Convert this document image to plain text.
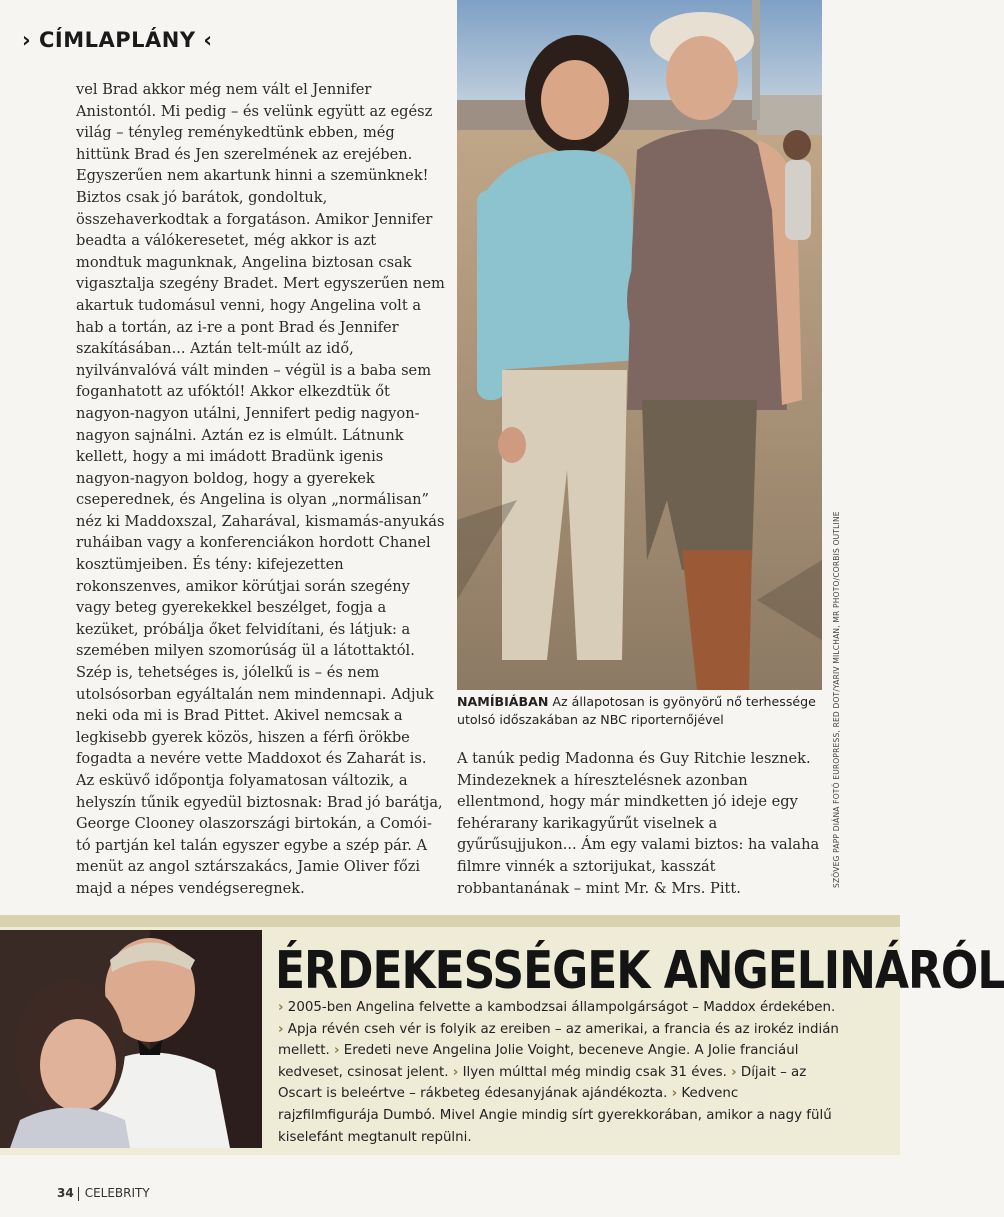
› CÍMLAPLÁNY ‹

vel Brad akkor még nem vált el Jennifer Anistontól. Mi pedig – és velünk együtt az egész világ – tényleg reménykedtünk ebben, még hittünk Brad és Jen szerelmének az erejében. Egyszerűen nem akartunk hinni a szemünknek! Biztos csak jó barátok, gondoltuk, összehaverkodtak a forgatáson. Amikor Jennifer beadta a válókeresetet, még akkor is azt mondtuk magunknak, Angelina biztosan csak vigasztalja szegény Bradet. Mert egyszerűen nem akartuk tudomásul venni, hogy Angelina volt a hab a tortán, az i-re a pont Brad és Jennifer szakításában... Aztán telt-múlt az idő, nyilvánvalóvá vált minden – végül is a baba sem foganhatott az ufóktól! Akkor elkezdtük őt nagyon-nagyon utálni, Jennifert pedig nagyon-nagyon sajnálni. Aztán ez is elmúlt. Látnunk kellett, hogy a mi imádott Bradünk igenis nagyon-nagyon boldog, hogy a gyerekek cseperednek, és Angelina is olyan „normálisan” néz ki Maddoxszal, Zaharával, kismamás-anyukás ruháiban vagy a konferenciákon hordott Chanel kosztümjeiben. És tény: kifejezetten rokonszenves, amikor körútjai során szegény vagy beteg gyerekekkel beszélget, fogja a kezüket, próbálja őket felvidítani, és látjuk: a szemében milyen szomorúság ül a látottaktól. Szép is, tehetséges is, jólelkű is – és nem utolsósorban egyáltalán nem mindennapi. Adjuk neki oda mi is Brad Pittet. Akivel nemcsak a legkisebb gyerek közös, hiszen a férfi örökbe fogadta a nevére vette Maddoxot és Zaharát is. Az esküvő időpontja folyamatosan változik, a helyszín tűnik egyedül biztosnak: Brad jó barátja, George Clooney olaszországi birtokán, a Comói-tó partján kel talán egyszer egybe a szép pár. A menüt az angol sztárszakács, Jamie Oliver főzi majd a népes vendégseregnek.

NAMÍBIÁBAN Az állapotosan is gyönyörű nő terhessége utolsó időszakában az NBC riporternőjével
A tanúk pedig Madonna és Guy Ritchie lesznek. Mindezeknek a híresztelésnek azonban ellentmond, hogy már mindketten jó ideje egy fehérarany karikagyűrűt viselnek a gyűrűsujjukon... Ám egy valami biztos: ha valaha filmre vinnék a sztorijukat, kasszát robbantanának – mint Mr. & Mrs. Pitt.
SZÖVEG PAPP DIÁNA FOTÓ EUROPRESS, RED DOT/YARIV MILCHAN, MR PHOTO/CORBIS OUTLINE
ÉRDEKESSÉGEK ANGELINÁRÓL
› 2005-ben Angelina felvette a kambodzsai állampolgárságot – Maddox érdekében. › Apja révén cseh vér is folyik az ereiben – az amerikai, a francia és az irokéz indián mellett. › Eredeti neve Angelina Jolie Voight, beceneve Angie. A Jolie franciául kedveset, csinosat jelent. › Ilyen múlttal még mindig csak 31 éves. › Díjait – az Oscart is beleértve – rákbeteg édesanyjának ajándékozta. › Kedvenc rajzfilmfigurája Dumbó. Mivel Angie mindig sírt gyerekkorában, amikor a nagy fülű kiselefánt megtanult repülni.
34 CELEBRITY
